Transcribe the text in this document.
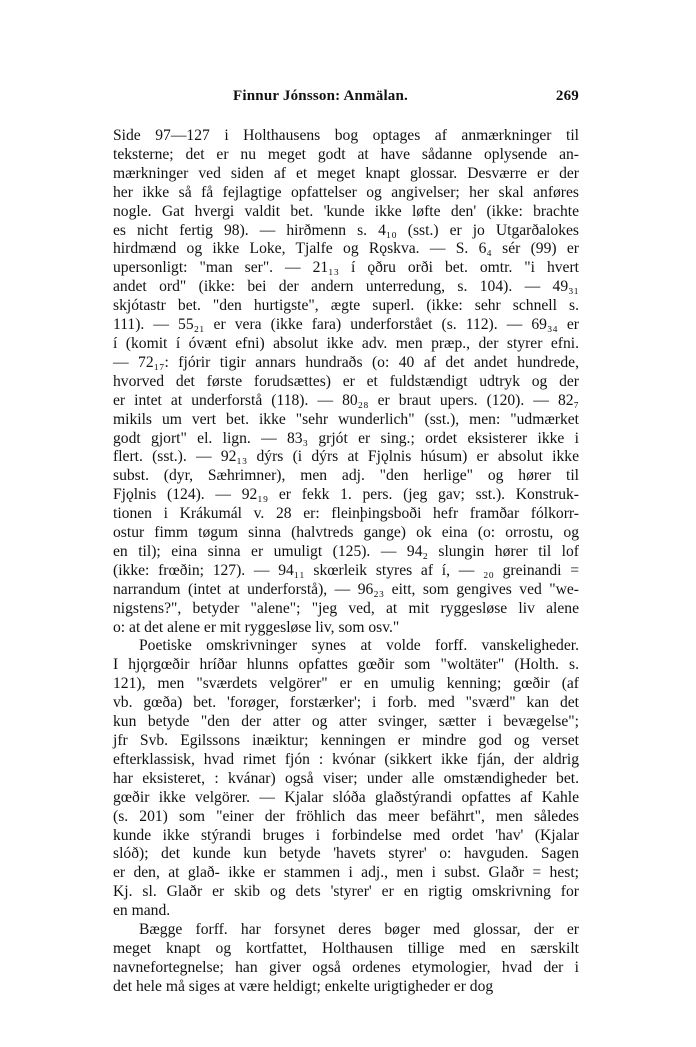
Finnur Jónsson: Anmälan.	269
Side 97—127 i Holthausens bog optages af anmærkninger til
teksterne; det er nu meget godt at have sådanne oplysende an-
mærkninger ved siden af et meget knapt glossar. Desværre er der
her ikke så få fejlagtige opfattelser og angivelser; her skal anføres
nogle. Gat hvergi valdit bet. 'kunde ikke løfte den' (ikke: brachte
es nicht fertig 98). — hirðmenn s. 4₁₀ (sst.) er jo Utgarðalokes
hirdmænd og ikke Loke, Tjalfe og Rǫskva. — S. 6₄ sér (99) er
upersonligt: "man ser". — 21₁₃ í ǫðru orði bet. omtr. "i hvert
andet ord" (ikke: bei der andern unterredung, s. 104). — 49₃₁
skjótastr bet. "den hurtigste", ægte superl. (ikke: sehr schnell s.
111). — 55₂₁ er vera (ikke fara) underforstået (s. 112). — 69₃₄ er
í (komit í óvænt efni) absolut ikke adv. men præp., der styrer efni.
— 72₁₇: fjórir tigir annars hundraðs (o: 40 af det andet hundrede,
hvorved det første forudsættes) er et fuldstændigt udtryk og der
er intet at underforstå (118). — 80₂₈ er braut upers. (120). — 82₇
mikils um vert bet. ikke "sehr wunderlich" (sst.), men: "udmærket
godt gjort" el. lign. — 83₃ grjót er sing.; ordet eksisterer ikke i
flert. (sst.). — 92₁₃ dýrs (i dýrs at Fjǫlnis húsum) er absolut ikke
subst. (dyr, Sæhrimner), men adj. "den herlige" og hører til
Fjǫlnis (124). — 92₁₉ er fekk 1. pers. (jeg gav; sst.). Konstruk-
tionen i Krákumál v. 28 er: fleinþingsboði hefr framðar fólkorr-
ostur fimm tøgum sinna (halvtreds gange) ok eina (o: orrostu, og
en til); eina sinna er umuligt (125). — 94₂ slungin hører til lof
(ikke: frœðin; 127). — 94₁₁ skœrleik styres af í, — ₂₀ greinandi =
narrandum (intet at underforstå), — 96₂₃ eitt, som gengives ved "we-
nigstens?", betyder "alene"; "jeg ved, at mit ryggesløse liv alene
o: at det alene er mit ryggesløse liv, som osv."
Poetiske omskrivninger synes at volde forff. vanskeligheder.
I hjǫrgœðir hríðar hlunns opfattes gœðir som "woltäter" (Holth. s.
121), men "sværdets velgörer" er en umulig kenning; gœðir (af
vb. gœða) bet. 'forøger, forstærker'; i forb. med "sværd" kan det
kun betyde "den der atter og atter svinger, sætter i bevægelse";
jfr Svb. Egilssons inæiktur; kenningen er mindre god og verset
efterklassisk, hvad rimet fjón : kvónar (sikkert ikke fján, der aldrig
har eksisteret, : kvánar) også viser; under alle omstændigheder bet.
gœðir ikke velgörer. — Kjalar slóða glaðstýrandi opfattes af Kahle
(s. 201) som "einer der fröhlich das meer befährt", men således
kunde ikke stýrandi bruges i forbindelse med ordet 'hav' (Kjalar
slóð); det kunde kun betyde 'havets styrer' o: havguden. Sagen
er den, at glað- ikke er stammen i adj., men i subst. Glaðr = hest;
Kj. sl. Glaðr er skib og dets 'styrer' er en rigtig omskrivning for
en mand.
Bægge forff. har forsynet deres bøger med glossar, der er
meget knapt og kortfattet, Holthausen tillige med en særskilt
navnefortegnelse; han giver også ordenes etymologier, hvad der i
det hele må siges at være heldigt; enkelte urigtigheder er dog
